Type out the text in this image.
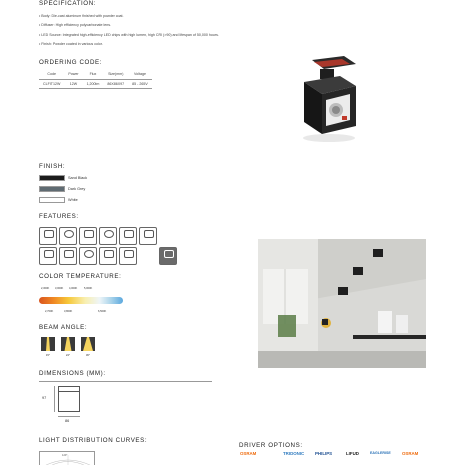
SPECIFICATION:
• Body: Die-cast aluminum finished with powder coat.
• Diffuser: High efficiency polycarbonate lens.
• LED Source: Integrated high-efficiency LED chips with high lumen, high CRI (>90) and lifespan of 50,000 hours.
• Finish: Powder coated in various color.
ORDERING CODE:
Code	Power	Flux	Size(mm)	Voltage
CLFIT12W	12W	1,200lm	86X86X97	85 - 265V
FINISH:
Sand Black
Dark Grey
White
FEATURES:
COLOR TEMPERATURE:
2,300K 3,000K 4,000K	5,000K
2,700K	3,800K	6,500K
BEAM ANGLE:
15°	24°	36°
DIMENSIONS (MM):
97
86
LIGHT DISTRIBUTION CURVES:
120°
DRIVER OPTIONS:
OSRAM	TRIDONIC PHILIPS	LIFUD	EAGLERISE	OSRAM
